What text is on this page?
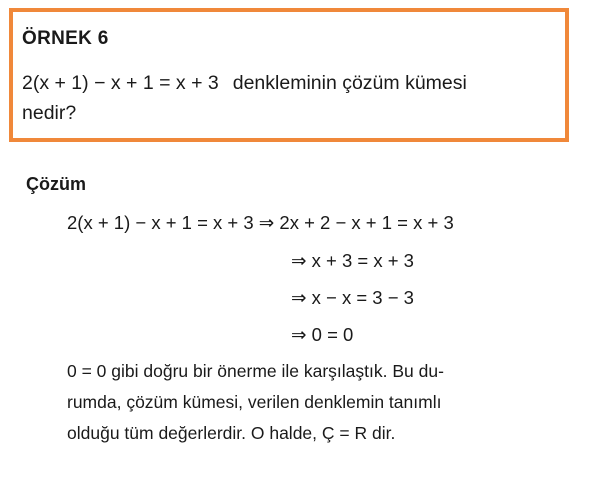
ÖRNEK 6
2(x + 1) − x + 1 = x + 3 denkleminin çözüm kümesi
nedir?
Çözüm
2(x + 1) − x + 1 = x + 3 ⇒ 2x + 2 − x + 1 = x + 3
⇒ x + 3 = x + 3
⇒ x − x = 3 − 3
⇒ 0 = 0
0 = 0 gibi doğru bir önerme ile karşılaştık. Bu du-
rumda, çözüm kümesi, verilen denklemin tanımlı
olduğu tüm değerlerdir. O halde, Ç = R dir.
